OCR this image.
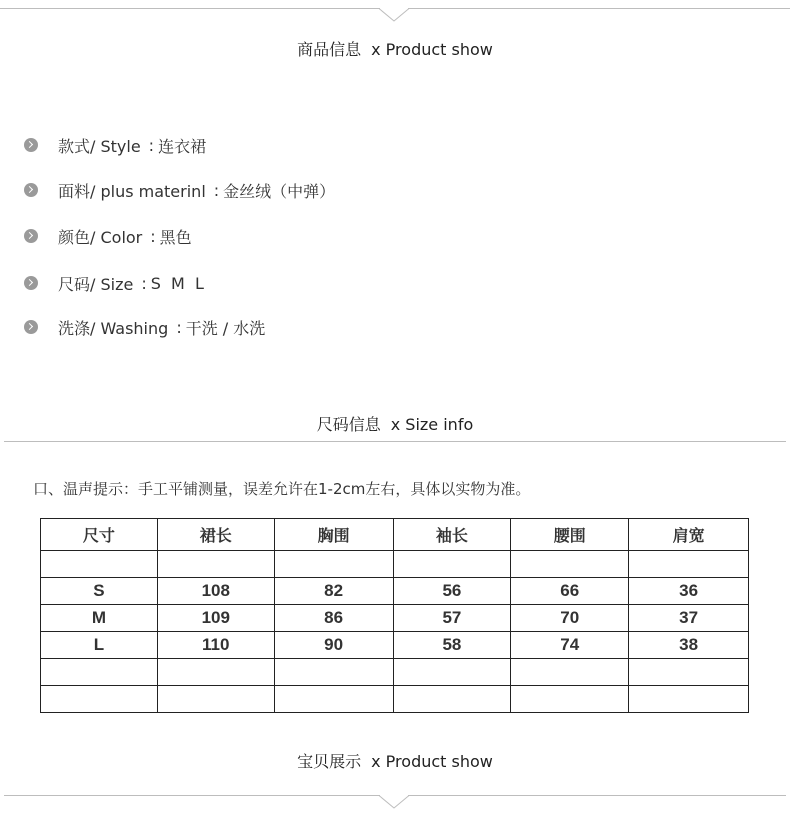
商品信息 x Product show
款式/ Style : 连衣裙
面料/ plus materinl : 金丝绒（中弹）
颜色/ Color : 黑色
尺码/ Size : S  M  L
洗涤/ Washing : 干洗 / 水洗
尺码信息 x Size info
口、温声提示：手工平铺测量，误差允许在1-2cm左右，具体以实物为准。
尺寸	裙长	胸围	袖长	腰围	肩宽

S	108	82	56	66	36
M	109	86	57	70	37
L	110	90	58	74	38

宝贝展示 x Product show
